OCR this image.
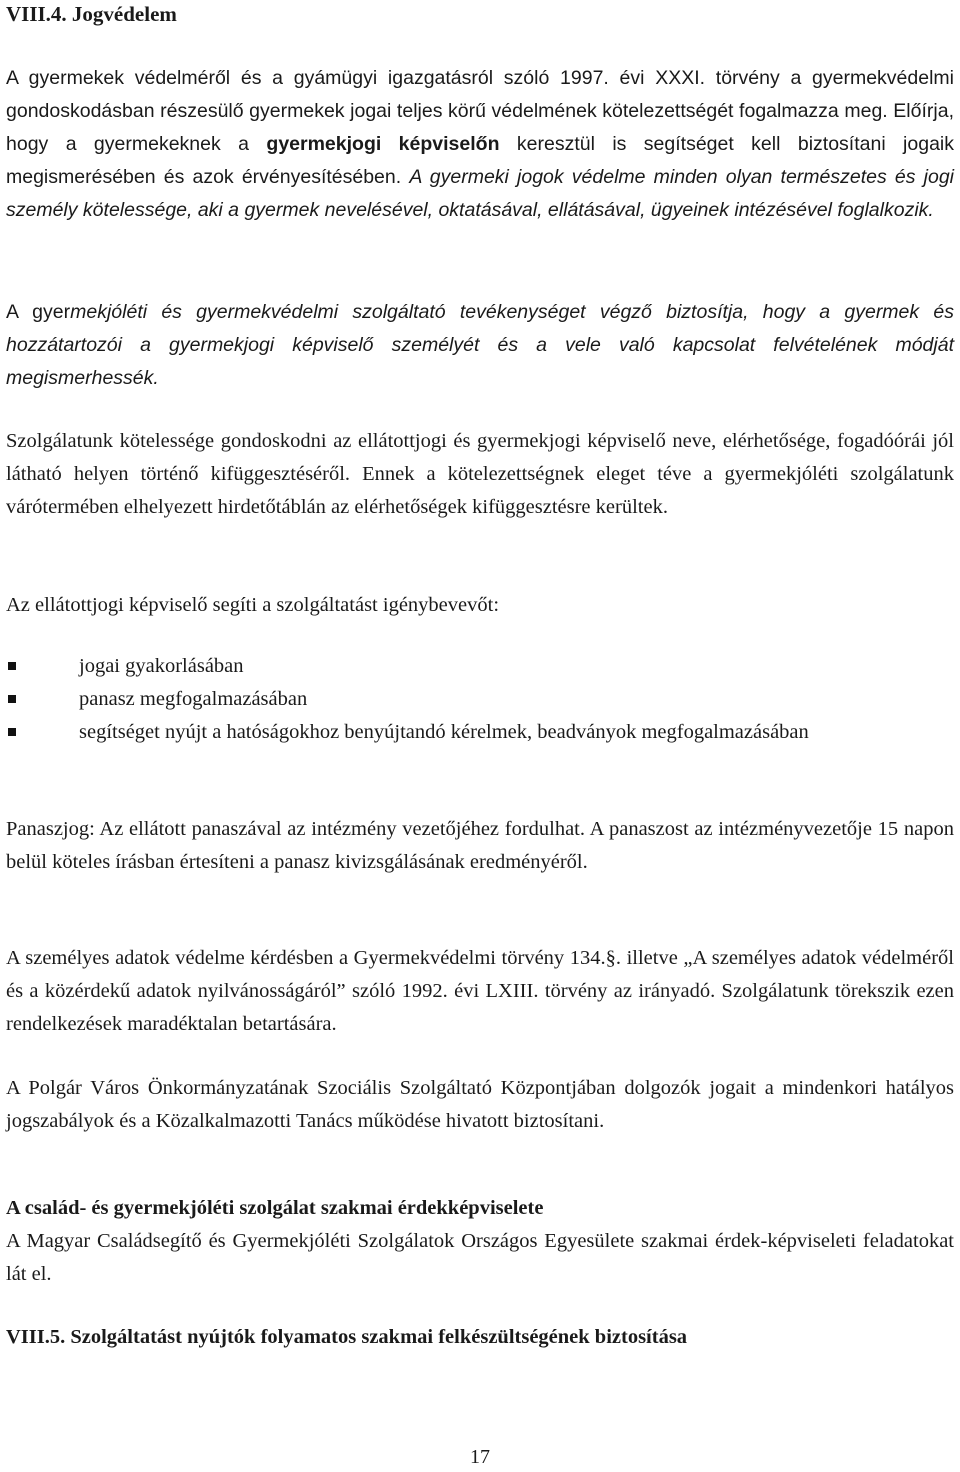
VIII.4. Jogvédelem

A gyermekek védelméről és a gyámügyi igazgatásról szóló 1997. évi XXXI. törvény a gyermekvédelmi gondoskodásban részesülő gyermekek jogai teljes körű védelmének kötelezettségét fogalmazza meg. Előírja, hogy a gyermekeknek a gyermekjogi képviselőn keresztül is segítséget kell biztosítani jogaik megismerésében és azok érvényesítésében. A gyermeki jogok védelme minden olyan természetes és jogi személy kötelessége, aki a gyermek nevelésével, oktatásával, ellátásával, ügyeinek intézésével foglalkozik.

A gyermekjóléti és gyermekvédelmi szolgáltató tevékenységet végző biztosítja, hogy a gyermek és hozzátartozói a gyermekjogi képviselő személyét és a vele való kapcsolat felvételének módját megismerhessék.

Szolgálatunk kötelessége gondoskodni az ellátottjogi és gyermekjogi képviselő neve, elérhetősége, fogadóórái jól látható helyen történő kifüggesztéséről. Ennek a kötelezettségnek eleget téve a gyermekjóléti szolgálatunk várótermében elhelyezett hirdetőtáblán az elérhetőségek kifüggesztésre kerültek.

Az ellátottjogi képviselő segíti a szolgáltatást igénybevevőt:

jogai gyakorlásában
panasz megfogalmazásában
segítséget nyújt a hatóságokhoz benyújtandó kérelmek, beadványok megfogalmazásában

Panaszjog: Az ellátott panaszával az intézmény vezetőjéhez fordulhat. A panaszost az intézményvezetője 15 napon belül köteles írásban értesíteni a panasz kivizsgálásának eredményéről.

A személyes adatok védelme kérdésben a Gyermekvédelmi törvény 134.§. illetve „A személyes adatok védelméről és a közérdekű adatok nyilvánosságáról” szóló 1992. évi LXIII. törvény az irányadó. Szolgálatunk törekszik ezen rendelkezések maradéktalan betartására.

A Polgár Város Önkormányzatának Szociális Szolgáltató Központjában dolgozók jogait a mindenkori hatályos jogszabályok és a Közalkalmazotti Tanács működése hivatott biztosítani.

A család- és gyermekjóléti szolgálat szakmai érdekképviselete

A Magyar Családsegítő és Gyermekjóléti Szolgálatok Országos Egyesülete szakmai érdek-képviseleti feladatokat lát el.

VIII.5. Szolgáltatást nyújtók folyamatos szakmai felkészültségének biztosítása
17
